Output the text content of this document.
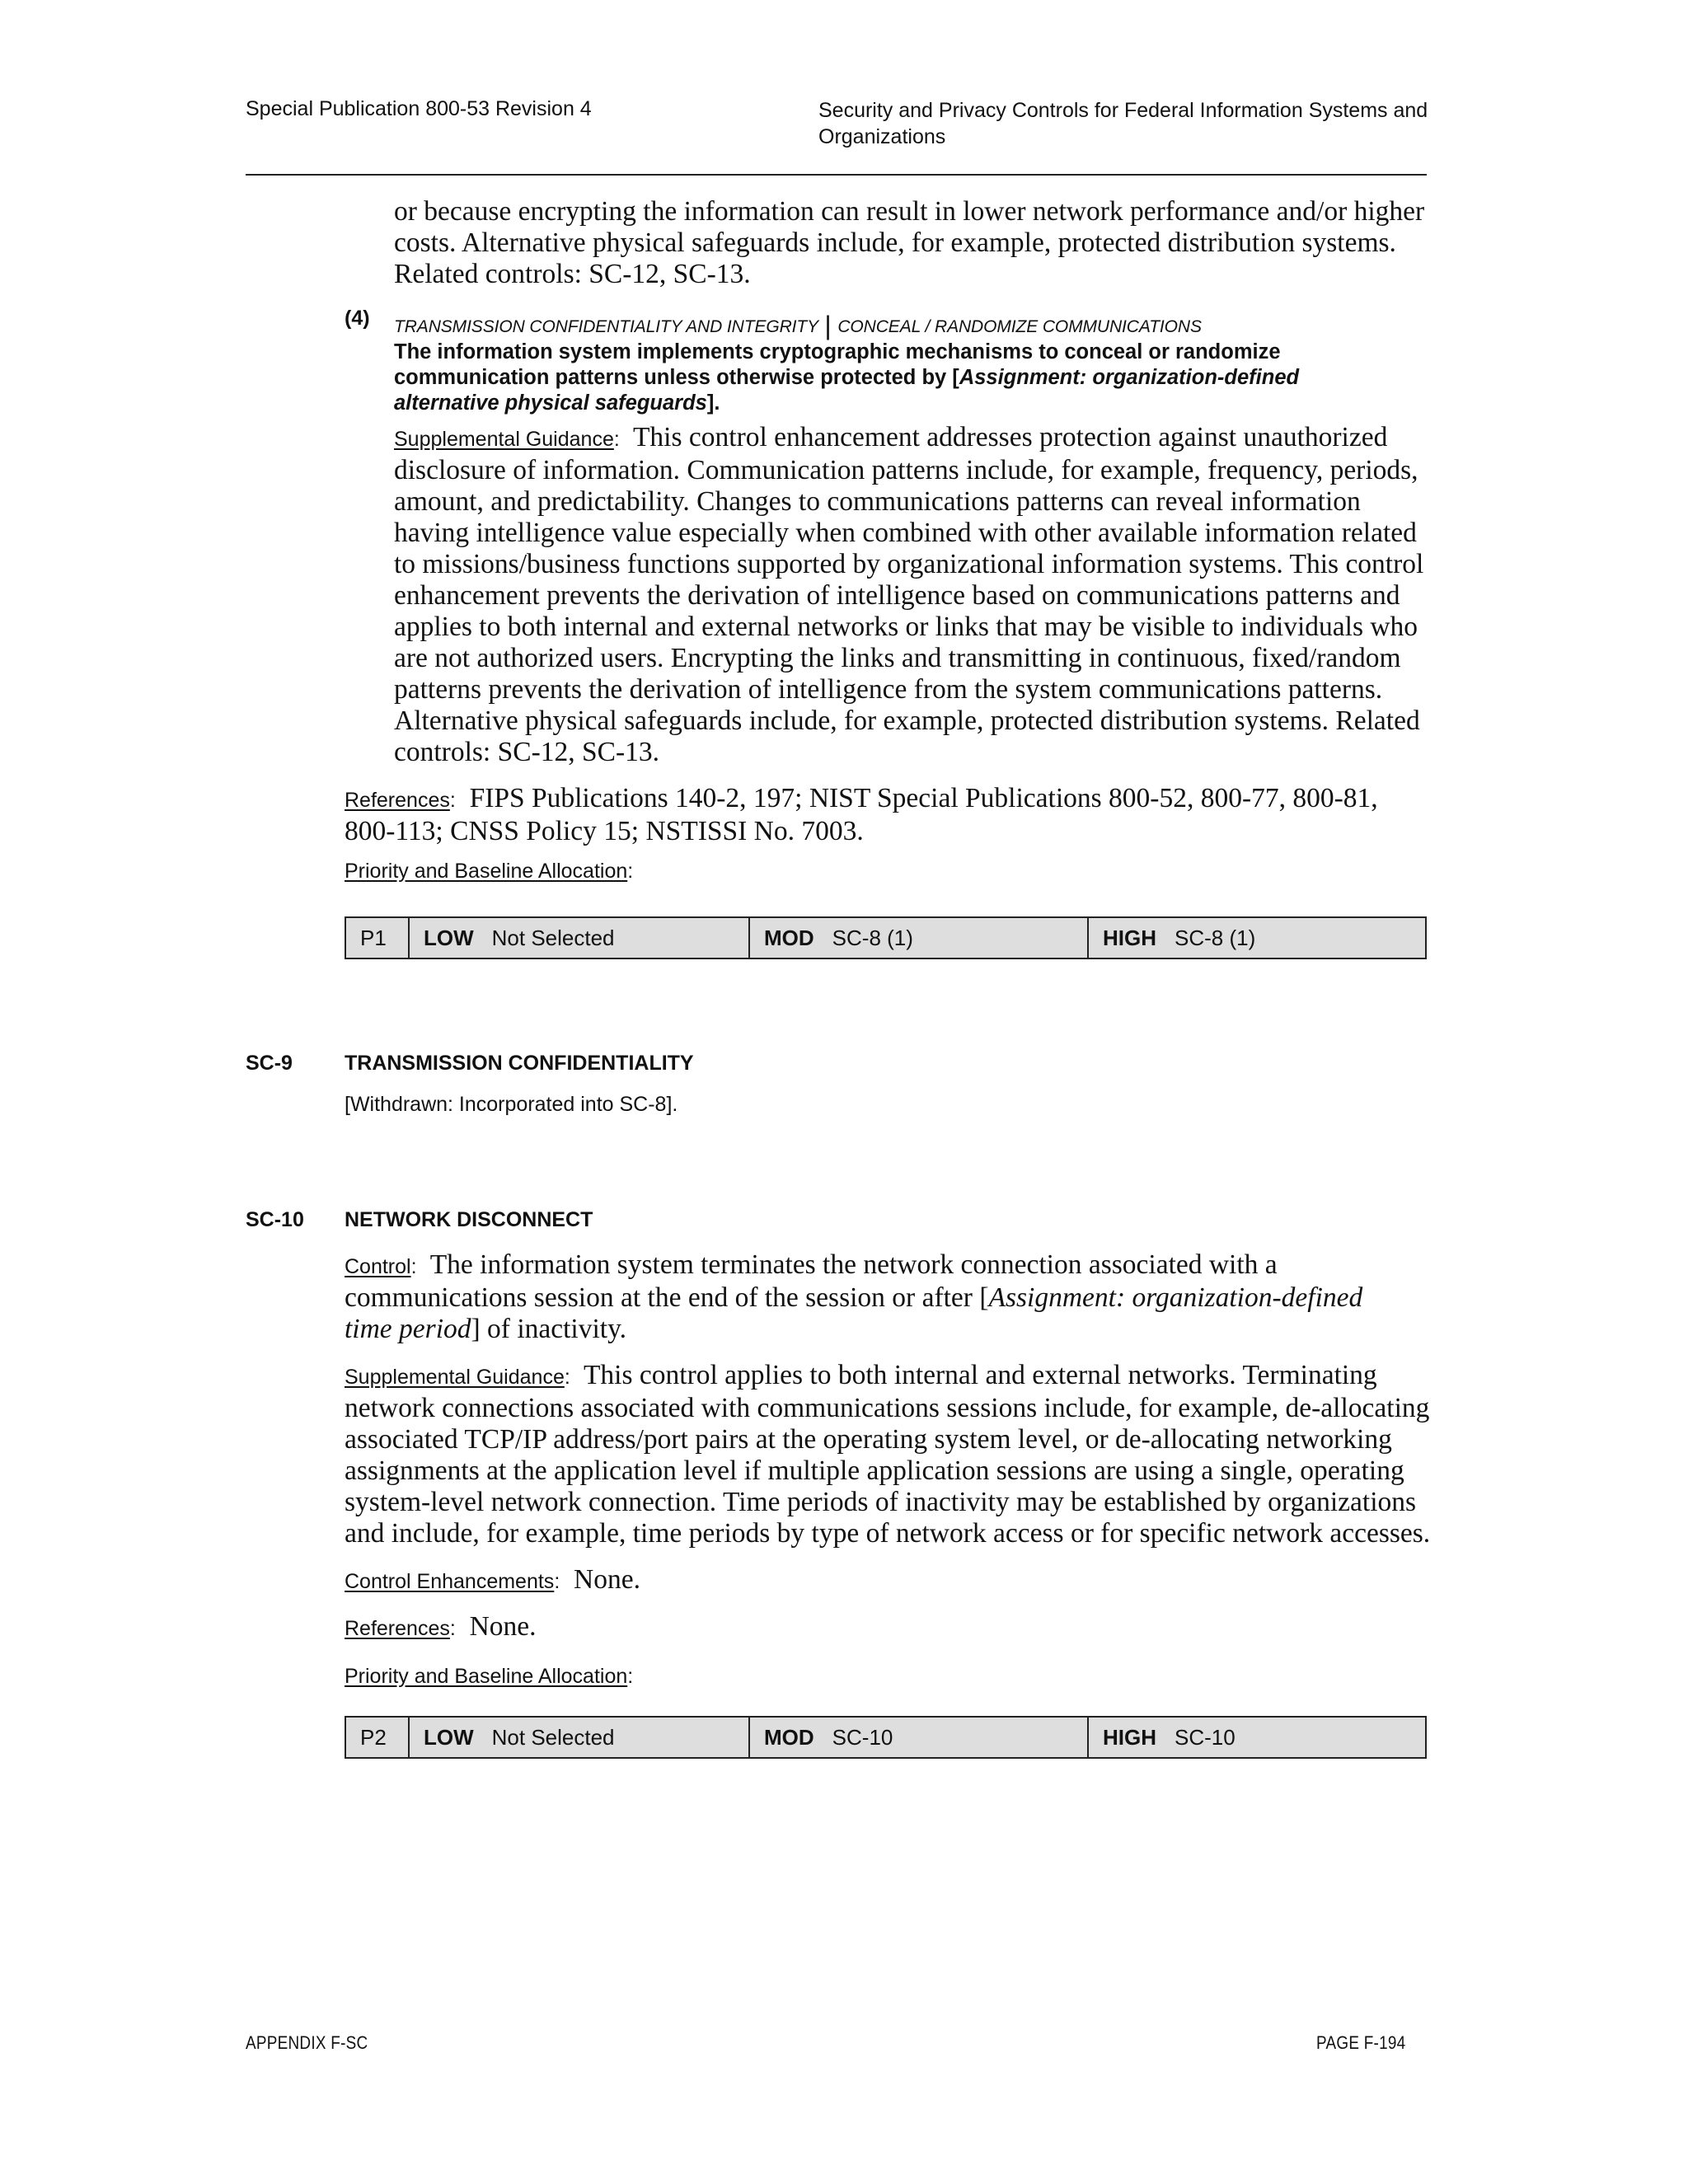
Special Publication 800-53 Revision 4	Security and Privacy Controls for Federal Information Systems and Organizations
or because encrypting the information can result in lower network performance and/or higher costs. Alternative physical safeguards include, for example, protected distribution systems. Related controls: SC-12, SC-13.
(4) TRANSMISSION CONFIDENTIALITY AND INTEGRITY | CONCEAL / RANDOMIZE COMMUNICATIONS
The information system implements cryptographic mechanisms to conceal or randomize communication patterns unless otherwise protected by [Assignment: organization-defined alternative physical safeguards].
Supplemental Guidance: This control enhancement addresses protection against unauthorized disclosure of information. Communication patterns include, for example, frequency, periods, amount, and predictability. Changes to communications patterns can reveal information having intelligence value especially when combined with other available information related to missions/business functions supported by organizational information systems. This control enhancement prevents the derivation of intelligence based on communications patterns and applies to both internal and external networks or links that may be visible to individuals who are not authorized users. Encrypting the links and transmitting in continuous, fixed/random patterns prevents the derivation of intelligence from the system communications patterns. Alternative physical safeguards include, for example, protected distribution systems. Related controls: SC-12, SC-13.
References: FIPS Publications 140-2, 197; NIST Special Publications 800-52, 800-77, 800-81, 800-113; CNSS Policy 15; NSTISSI No. 7003.
Priority and Baseline Allocation:
P1	LOW Not Selected	MOD SC-8 (1)	HIGH SC-8 (1)
SC-9	TRANSMISSION CONFIDENTIALITY
[Withdrawn: Incorporated into SC-8].
SC-10 NETWORK DISCONNECT
Control: The information system terminates the network connection associated with a communications session at the end of the session or after [Assignment: organization-defined time period] of inactivity.
Supplemental Guidance: This control applies to both internal and external networks. Terminating network connections associated with communications sessions include, for example, de-allocating associated TCP/IP address/port pairs at the operating system level, or de-allocating networking assignments at the application level if multiple application sessions are using a single, operating system-level network connection. Time periods of inactivity may be established by organizations and include, for example, time periods by type of network access or for specific network accesses.
Control Enhancements: None.
References: None.
Priority and Baseline Allocation:
P2	LOW Not Selected	MOD SC-10	HIGH SC-10
APPENDIX F-SC	PAGE F-194
